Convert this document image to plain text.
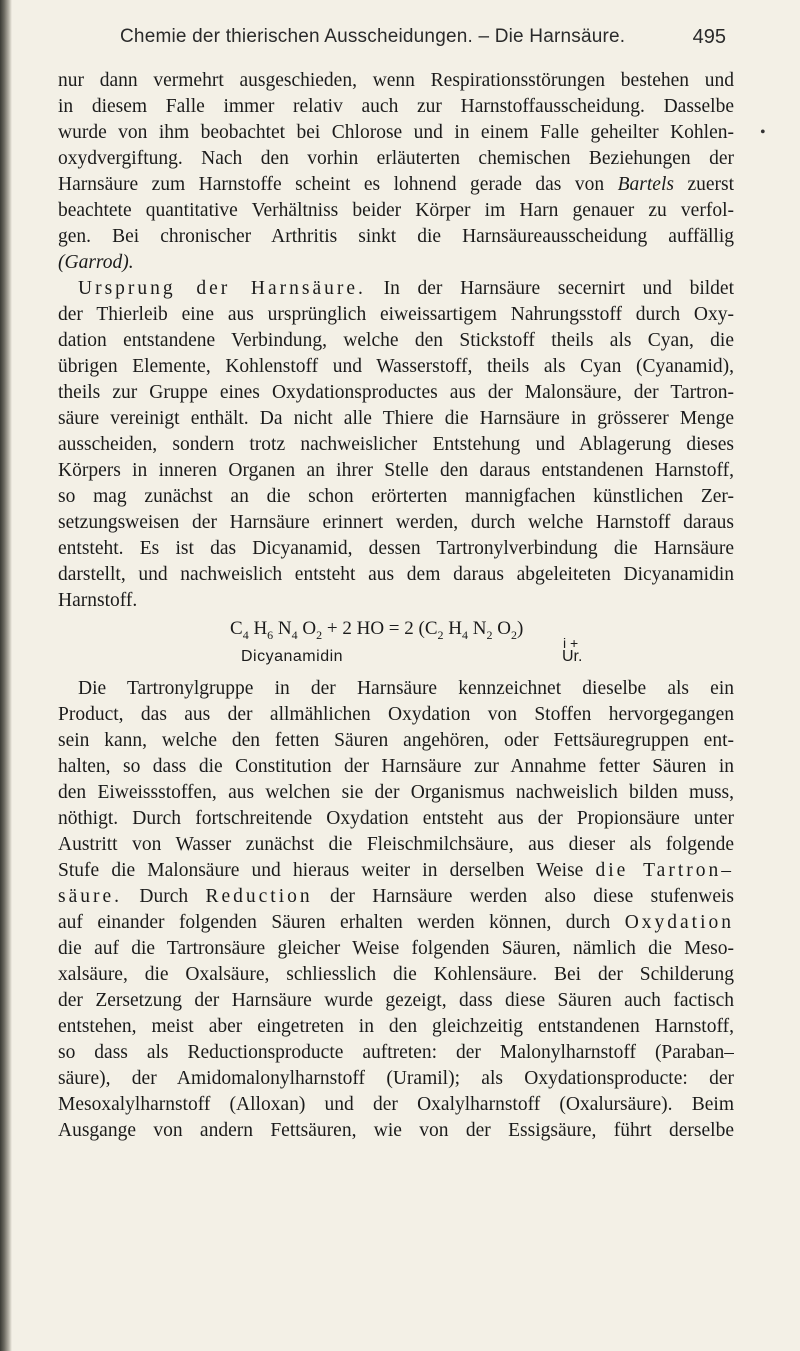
Chemie der thierischen Ausscheidungen. – Die Harnsäure.	495
•
nur dann vermehrt ausgeschieden, wenn Respirationsstörungen bestehen und
in diesem Falle immer relativ auch zur Harnstoffausscheidung. Dasselbe
wurde von ihm beobachtet bei Chlorose und in einem Falle geheilter Kohlen-
oxydvergiftung. Nach den vorhin erläuterten chemischen Beziehungen der
Harnsäure zum Harnstoffe scheint es lohnend gerade das von Bartels zuerst
beachtete quantitative Verhältniss beider Körper im Harn genauer zu verfol-
gen. Bei chronischer Arthritis sinkt die Harnsäureausscheidung auffällig
(Garrod).
Ursprung der Harnsäure. In der Harnsäure secernirt und bildet
der Thierleib eine aus ursprünglich eiweissartigem Nahrungsstoff durch Oxy-
dation entstandene Verbindung, welche den Stickstoff theils als Cyan, die
übrigen Elemente, Kohlenstoff und Wasserstoff, theils als Cyan (Cyanamid),
theils zur Gruppe eines Oxydationsproductes aus der Malonsäure, der Tartron-
säure vereinigt enthält. Da nicht alle Thiere die Harnsäure in grösserer Menge
ausscheiden, sondern trotz nachweislicher Entstehung und Ablagerung dieses
Körpers in inneren Organen an ihrer Stelle den daraus entstandenen Harnstoff,
so mag zunächst an die schon erörterten mannigfachen künstlichen Zer-
setzungsweisen der Harnsäure erinnert werden, durch welche Harnstoff daraus
entsteht. Es ist das Dicyanamid, dessen Tartronylverbindung die Harnsäure
darstellt, und nachweislich entsteht aus dem daraus abgeleiteten Dicyanamidin
Harnstoff.
$C_4$ $H_6$ $N_4$ $O_2 + 2$ HO = 2 ($C_2$ $H_4$ $N_2$ $O_2$)
i +
Dicyanamidin	Ur.
Die Tartronylgruppe in der Harnsäure kennzeichnet dieselbe als ein
Product, das aus der allmählichen Oxydation von Stoffen hervorgegangen
sein kann, welche den fetten Säuren angehören, oder Fettsäuregruppen ent-
halten, so dass die Constitution der Harnsäure zur Annahme fetter Säuren in
den Eiweissstoffen, aus welchen sie der Organismus nachweislich bilden muss,
nöthigt. Durch fortschreitende Oxydation entsteht aus der Propionsäure unter
Austritt von Wasser zunächst die Fleischmilchsäure, aus dieser als folgende
Stufe die Malonsäure und hieraus weiter in derselben Weise die Tartron–
säure. Durch Reduction der Harnsäure werden also diese stufenweis
auf einander folgenden Säuren erhalten werden können, durch Oxydation
die auf die Tartronsäure gleicher Weise folgenden Säuren, nämlich die Meso-
xalsäure, die Oxalsäure, schliesslich die Kohlensäure. Bei der Schilderung
der Zersetzung der Harnsäure wurde gezeigt, dass diese Säuren auch factisch
entstehen, meist aber eingetreten in den gleichzeitig entstandenen Harnstoff,
so dass als Reductionsproducte auftreten: der Malonylharnstoff (Paraban–
säure), der Amidomalonylharnstoff (Uramil); als Oxydationsproducte: der
Mesoxalylharnstoff (Alloxan) und der Oxalylharnstoff (Oxalursäure). Beim
Ausgange von andern Fettsäuren, wie von der Essigsäure, führt derselbe
